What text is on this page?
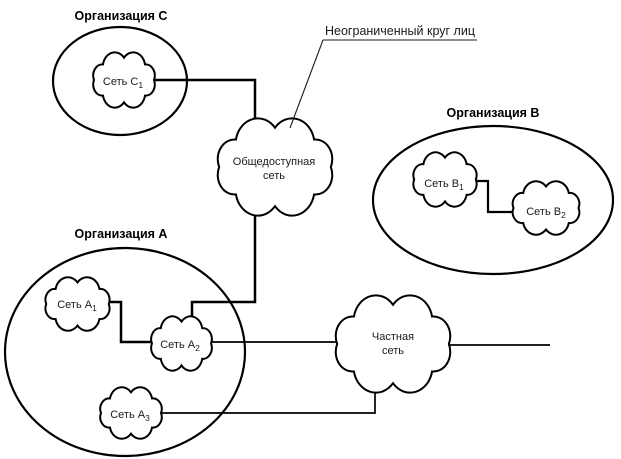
Организация C
Организация B
Организация A
Неограниченный круг лиц
Сеть $C_1$
Общедоступная
сеть
Сеть $B_1$
Сеть $B_2$
Сеть $A_1$
Сеть $A_2$
Сеть $A_3$
Частная
сеть
